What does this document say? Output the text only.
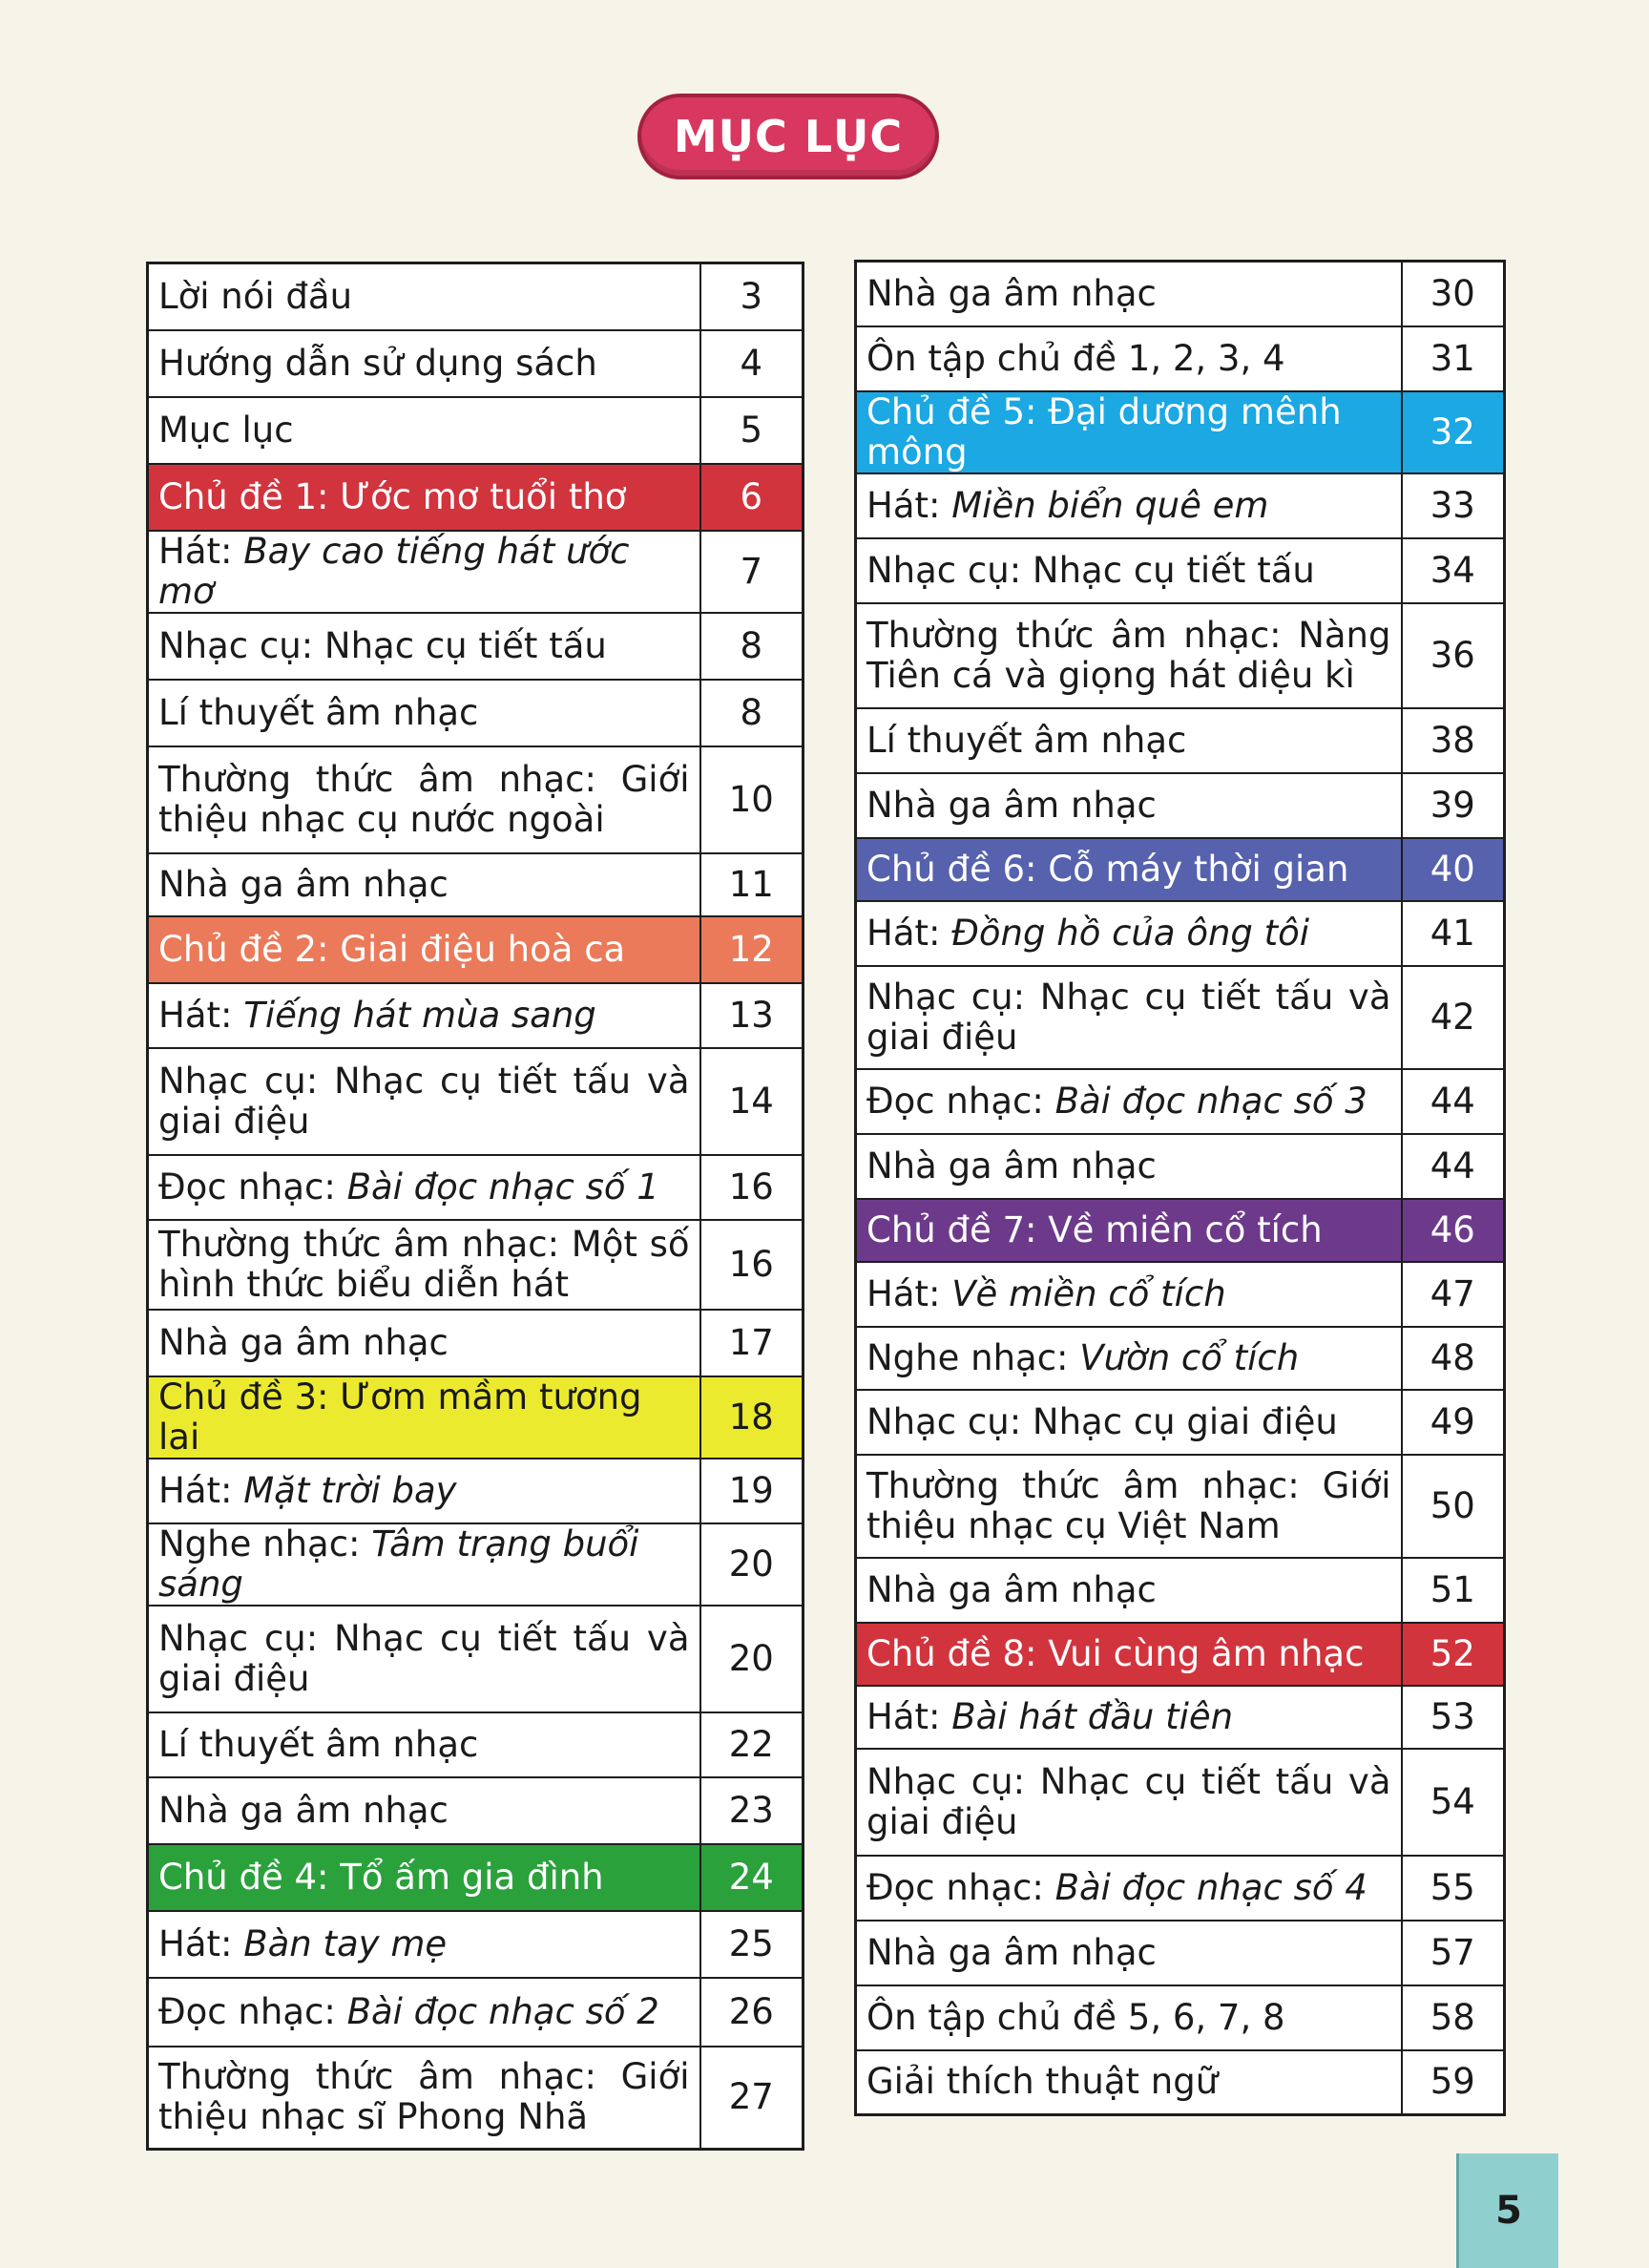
MỤC LỤC
Lời nói đầu	3
Hướng dẫn sử dụng sách	4
Mục lục	5
Chủ đề 1: Ước mơ tuổi thơ	6
Hát: Bay cao tiếng hát ước mơ	7
Nhạc cụ: Nhạc cụ tiết tấu	8
Lí thuyết âm nhạc	8
Thường thức âm nhạc: Giới thiệu nhạc cụ nước ngoài	10
Nhà ga âm nhạc	11
Chủ đề 2: Giai điệu hoà ca	12
Hát: Tiếng hát mùa sang	13
Nhạc cụ: Nhạc cụ tiết tấu và giai điệu	14
Đọc nhạc: Bài đọc nhạc số 1	16
Thường thức âm nhạc: Một số hình thức biểu diễn hát	16
Nhà ga âm nhạc	17
Chủ đề 3: Ươm mầm tương lai	18
Hát: Mặt trời bay	19
Nghe nhạc: Tâm trạng buổi sáng	20
Nhạc cụ: Nhạc cụ tiết tấu và giai điệu	20
Lí thuyết âm nhạc	22
Nhà ga âm nhạc	23
Chủ đề 4: Tổ ấm gia đình	24
Hát: Bàn tay mẹ	25
Đọc nhạc: Bài đọc nhạc số 2	26
Thường thức âm nhạc: Giới thiệu nhạc sĩ Phong Nhã	27
Nhà ga âm nhạc	30
Ôn tập chủ đề 1, 2, 3, 4	31
Chủ đề 5: Đại dương mênh mông	32
Hát: Miền biển quê em	33
Nhạc cụ: Nhạc cụ tiết tấu	34
Thường thức âm nhạc: Nàng Tiên cá và giọng hát diệu kì	36
Lí thuyết âm nhạc	38
Nhà ga âm nhạc	39
Chủ đề 6: Cỗ máy thời gian	40
Hát: Đồng hồ của ông tôi	41
Nhạc cụ: Nhạc cụ tiết tấu và giai điệu	42
Đọc nhạc: Bài đọc nhạc số 3	44
Nhà ga âm nhạc	44
Chủ đề 7: Về miền cổ tích	46
Hát: Về miền cổ tích	47
Nghe nhạc: Vườn cổ tích	48
Nhạc cụ: Nhạc cụ giai điệu	49
Thường thức âm nhạc: Giới thiệu nhạc cụ Việt Nam	50
Nhà ga âm nhạc	51
Chủ đề 8: Vui cùng âm nhạc	52
Hát: Bài hát đầu tiên	53
Nhạc cụ: Nhạc cụ tiết tấu và giai điệu	54
Đọc nhạc: Bài đọc nhạc số 4	55
Nhà ga âm nhạc	57
Ôn tập chủ đề 5, 6, 7, 8	58
Giải thích thuật ngữ	59
5
